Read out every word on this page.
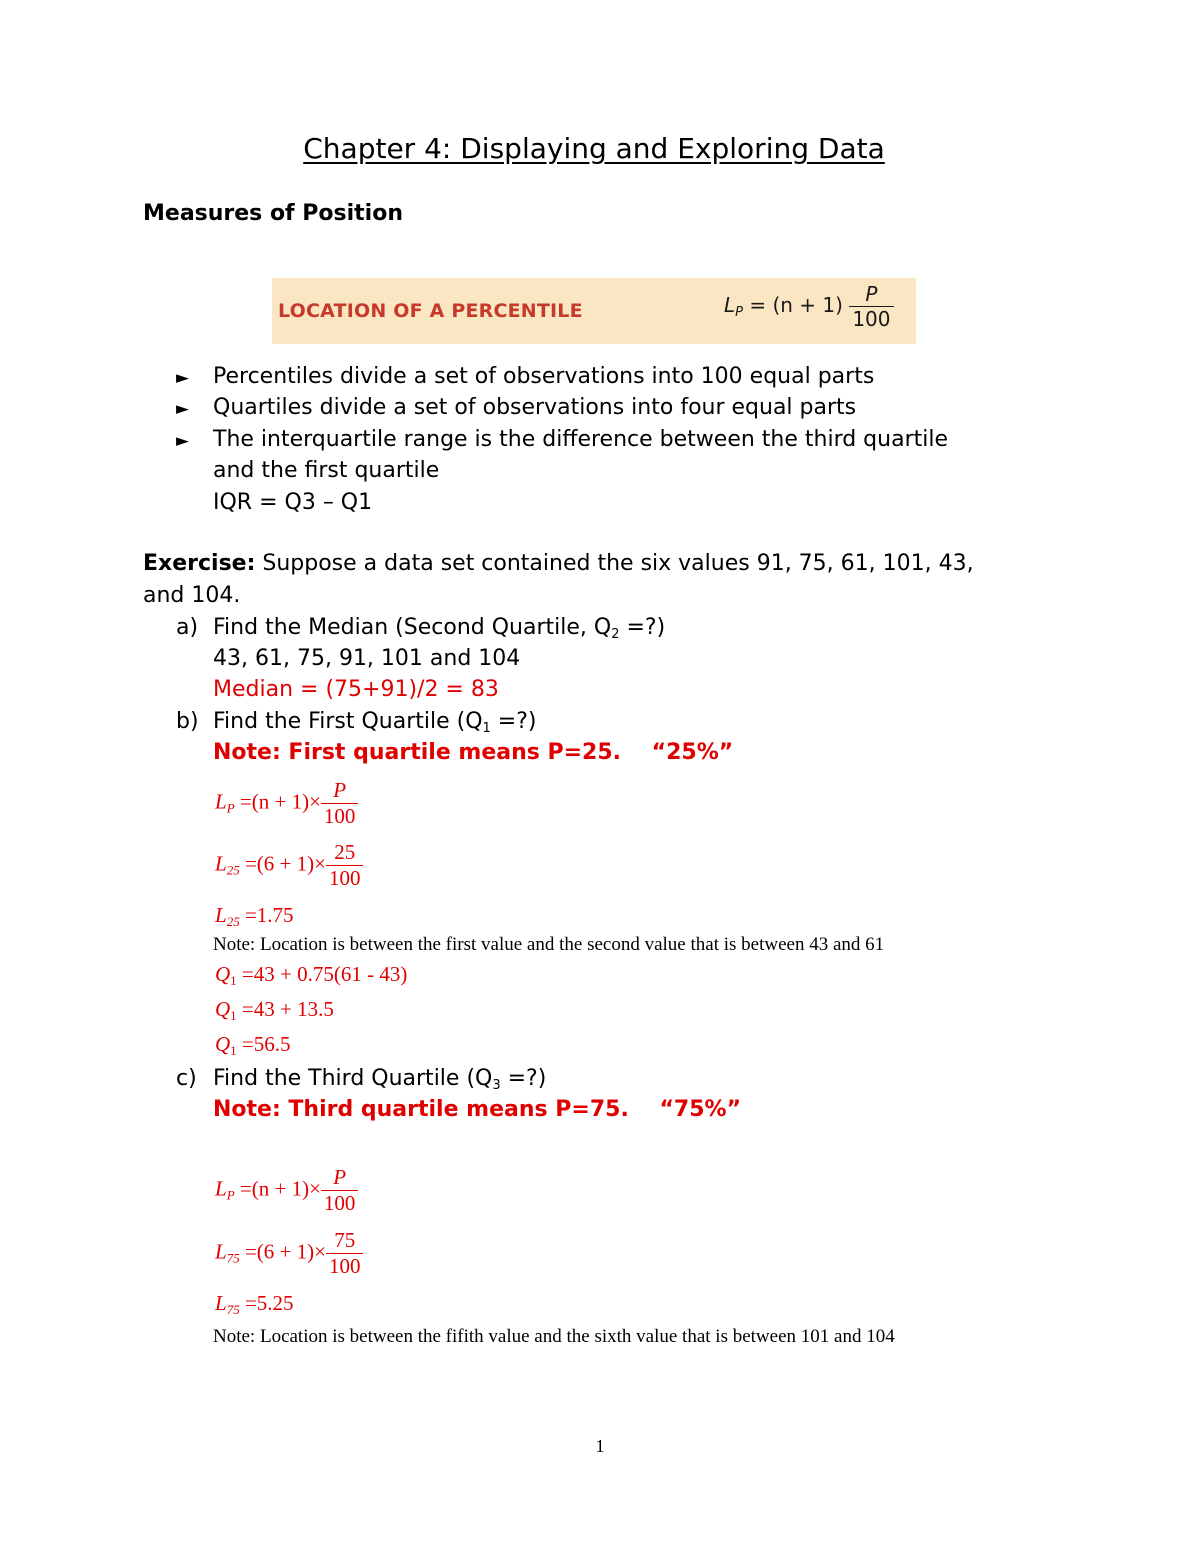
Chapter 4: Displaying and Exploring Data
Measures of Position
LOCATION OF A PERCENTILE	$L_P = (n + 1) \frac{P}{100}$
► Percentiles divide a set of observations into 100 equal parts
► Quartiles divide a set of observations into four equal parts
► The interquartile range is the difference between the third quartile
and the first quartile
IQR = Q3 – Q1
Exercise: Suppose a data set contained the six values 91, 75, 61, 101, 43,
and 104.
a) Find the Median (Second Quartile, $Q_2$ =?)
43, 61, 75, 91, 101 and 104
Median = (75+91)/2 = 83
b) Find the First Quartile ($Q_1$ =?)
Note: First quartile means P=25.    “25%”
$L_P =(n + 1)\times \frac{P}{100}$
$L_{25} =(6 + 1)\times \frac{25}{100}$
$L_{25} =1.75$
Note: Location is between the first value and the second value that is between 43 and 61
$Q_1 =43 + 0.75(61 - 43)$
$Q_1 =43 + 13.5$
$Q_1 =56.5$
c) Find the Third Quartile ($Q_3$ =?)
Note: Third quartile means P=75.    “75%”
$L_P =(n + 1)\times \frac{P}{100}$
$L_{75} =(6 + 1)\times \frac{75}{100}$
$L_{75} =5.25$
Note: Location is between the fifith value and the sixth value that is between 101 and 104
1
